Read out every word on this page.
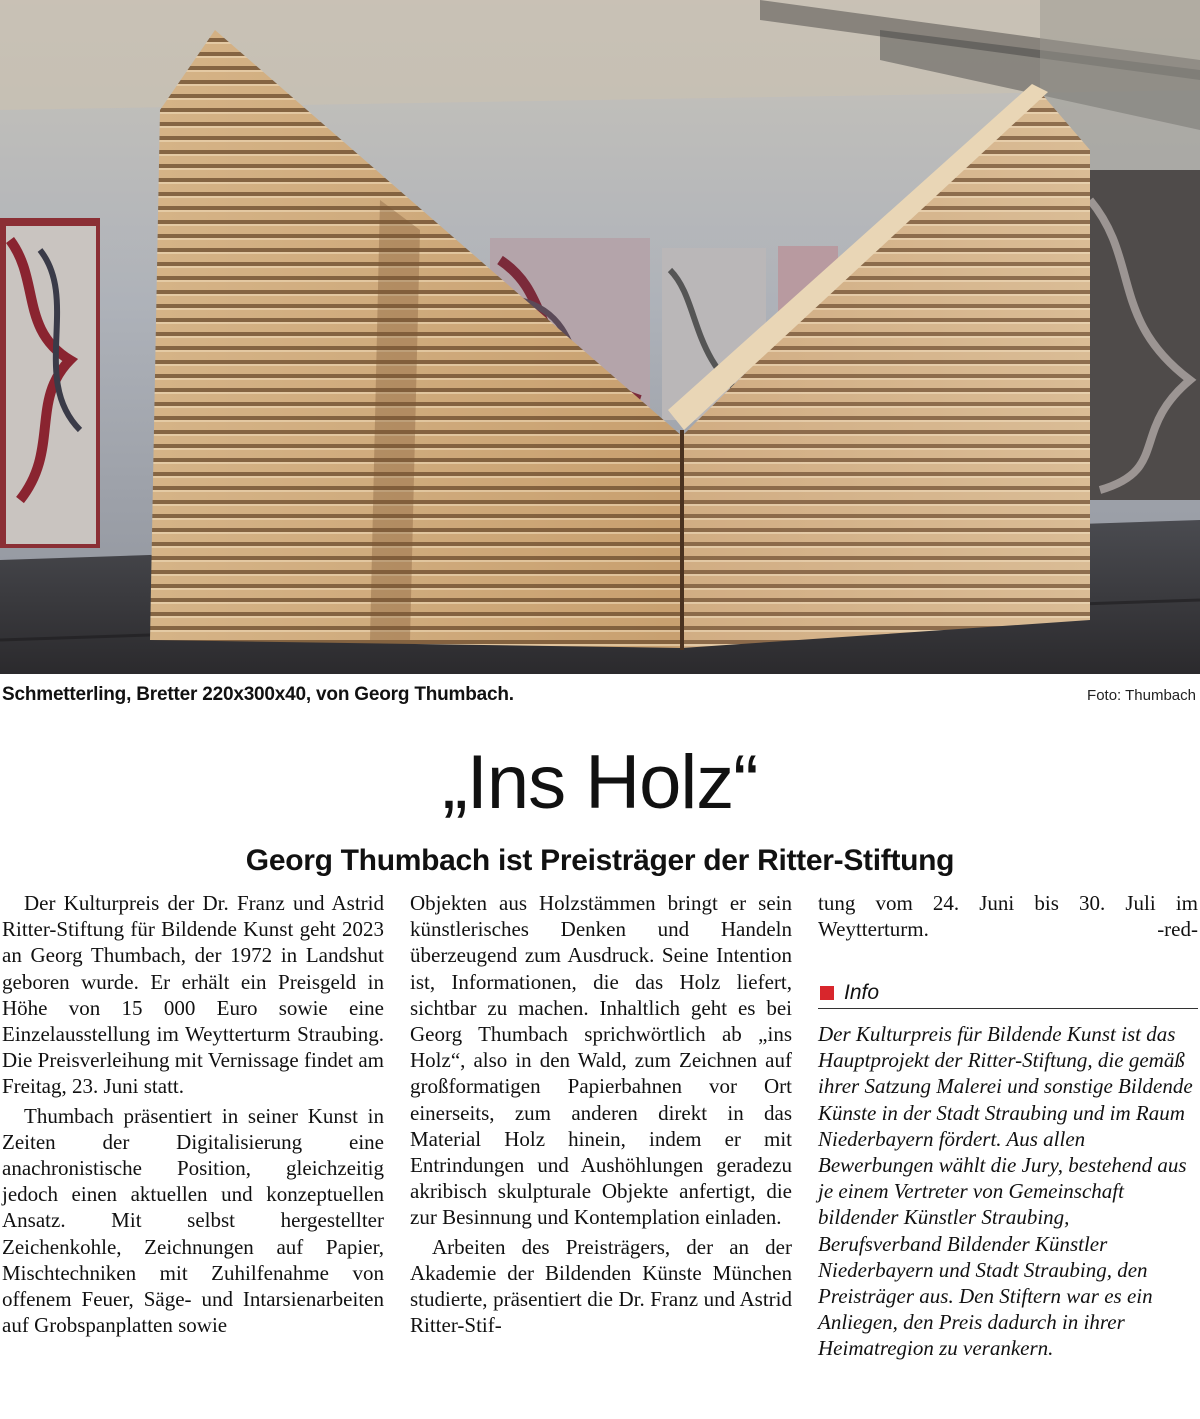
Schmetterling, Bretter 220x300x40, von Georg Thumbach.	Foto: Thumbach
„Ins Holz“
Georg Thumbach ist Preisträger der Ritter-Stiftung

Der Kulturpreis der Dr. Franz und Astrid Ritter-Stiftung für Bildende Kunst geht 2023 an Georg Thumbach, der 1972 in Landshut geboren wurde. Er erhält ein Preisgeld in Höhe von 15 000 Euro sowie eine Einzelausstellung im Weytterturm Straubing. Die Preisverleihung mit Vernissage findet am Freitag, 23. Juni statt.

Thumbach präsentiert in seiner Kunst in Zeiten der Digitalisierung eine anachronistische Position, gleichzeitig jedoch einen aktuellen und konzeptuellen Ansatz. Mit selbst hergestellter Zeichenkohle, Zeichnungen auf Papier, Mischtechniken mit Zuhilfenahme von offenem Feuer, Säge- und Intarsienarbeiten auf Grobspanplatten sowie

Objekten aus Holzstämmen bringt er sein künstlerisches Denken und Handeln überzeugend zum Ausdruck. Seine Intention ist, Informationen, die das Holz liefert, sichtbar zu machen. Inhaltlich geht es bei Georg Thumbach sprichwörtlich ab „ins Holz“, also in den Wald, zum Zeichnen auf großformatigen Papierbahnen vor Ort einerseits, zum anderen direkt in das Material Holz hinein, indem er mit Entrindungen und Aushöhlungen geradezu akribisch skulpturale Objekte anfertigt, die zur Besinnung und Kontemplation einladen.

Arbeiten des Preisträgers, der an der Akademie der Bildenden Künste München studierte, präsentiert die Dr. Franz und Astrid Ritter-Stif-

tung vom 24. Juni bis 30. Juli im Weytterturm.	-red-

Info
Der Kulturpreis für Bildende Kunst ist das Hauptprojekt der Ritter-Stiftung, die gemäß ihrer Satzung Malerei und sonstige Bildende Künste in der Stadt Straubing und im Raum Niederbayern fördert. Aus allen Bewerbungen wählt die Jury, bestehend aus je einem Vertreter von Gemeinschaft bildender Künstler Straubing, Berufsverband Bildender Künstler Niederbayern und Stadt Straubing, den Preisträger aus. Den Stiftern war es ein Anliegen, den Preis dadurch in ihrer Heimatregion zu verankern.
